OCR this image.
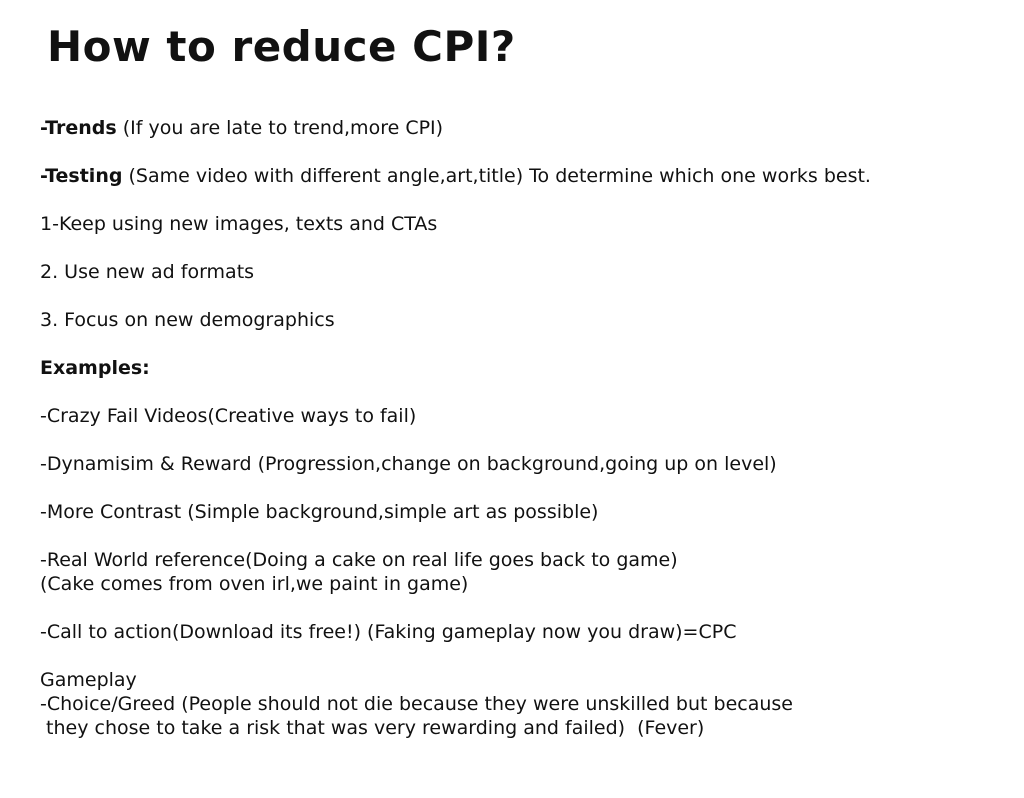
How to reduce CPI?
-Trends (If you are late to trend,more CPI)
-Testing (Same video with different angle,art,title) To determine which one works best.
1-Keep using new images, texts and CTAs
2. Use new ad formats
3. Focus on new demographics
Examples:
-Crazy Fail Videos(Creative ways to fail)
-Dynamisim & Reward (Progression,change on background,going up on level)
-More Contrast (Simple background,simple art as possible)
-Real World reference(Doing a cake on real life goes back to game)
(Cake comes from oven irl,we paint in game)
-Call to action(Download its free!) (Faking gameplay now you draw)=CPC
Gameplay
-Choice/Greed (People should not die because they were unskilled but because
they chose to take a risk that was very rewarding and failed)  (Fever)
